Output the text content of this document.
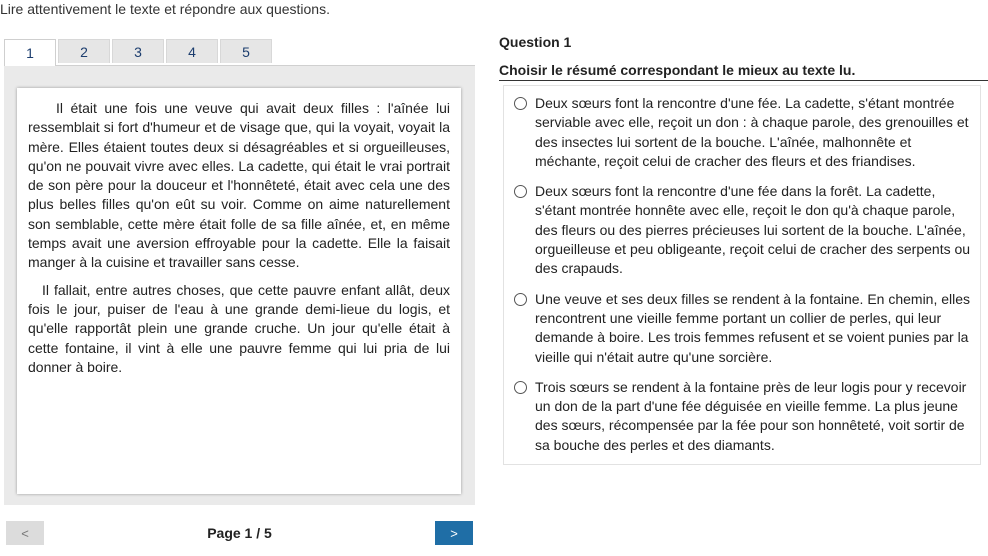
Lire attentivement le texte et répondre aux questions.
1	2	3	4	5

Il était une fois une veuve qui avait deux filles : l'aînée lui ressemblait si fort d'humeur et de visage que, qui la voyait, voyait la mère. Elles étaient toutes deux si désagréables et si orgueilleuses, qu'on ne pouvait vivre avec elles. La cadette, qui était le vrai portrait de son père pour la douceur et l'honnêteté, était avec cela une des plus belles filles qu'on eût su voir. Comme on aime naturellement son semblable, cette mère était folle de sa fille aînée, et, en même temps avait une aversion effroyable pour la cadette. Elle la faisait manger à la cuisine et travailler sans cesse.

Il fallait, entre autres choses, que cette pauvre enfant allât, deux fois le jour, puiser de l'eau à une grande demi-lieue du logis, et qu'elle rapportât plein une grande cruche. Un jour qu'elle était à cette fontaine, il vint à elle une pauvre femme qui lui pria de lui donner à boire.

<	Page 1 / 5	>
Question 1
Choisir le résumé correspondant le mieux au texte lu.
Deux sœurs font la rencontre d'une fée. La cadette, s'étant montrée serviable avec elle, reçoit un don : à chaque parole, des grenouilles et des insectes lui sortent de la bouche. L'aînée, malhonnête et méchante, reçoit celui de cracher des fleurs et des friandises.
Deux sœurs font la rencontre d'une fée dans la forêt. La cadette, s'étant montrée honnête avec elle, reçoit le don qu'à chaque parole, des fleurs ou des pierres précieuses lui sortent de la bouche. L'aînée, orgueilleuse et peu obligeante, reçoit celui de cracher des serpents ou des crapauds.
Une veuve et ses deux filles se rendent à la fontaine. En chemin, elles rencontrent une vieille femme portant un collier de perles, qui leur demande à boire. Les trois femmes refusent et se voient punies par la vieille qui n'était autre qu'une sorcière.
Trois sœurs se rendent à la fontaine près de leur logis pour y recevoir un don de la part d'une fée déguisée en vieille femme. La plus jeune des sœurs, récompensée par la fée pour son honnêteté, voit sortir de sa bouche des perles et des diamants.
